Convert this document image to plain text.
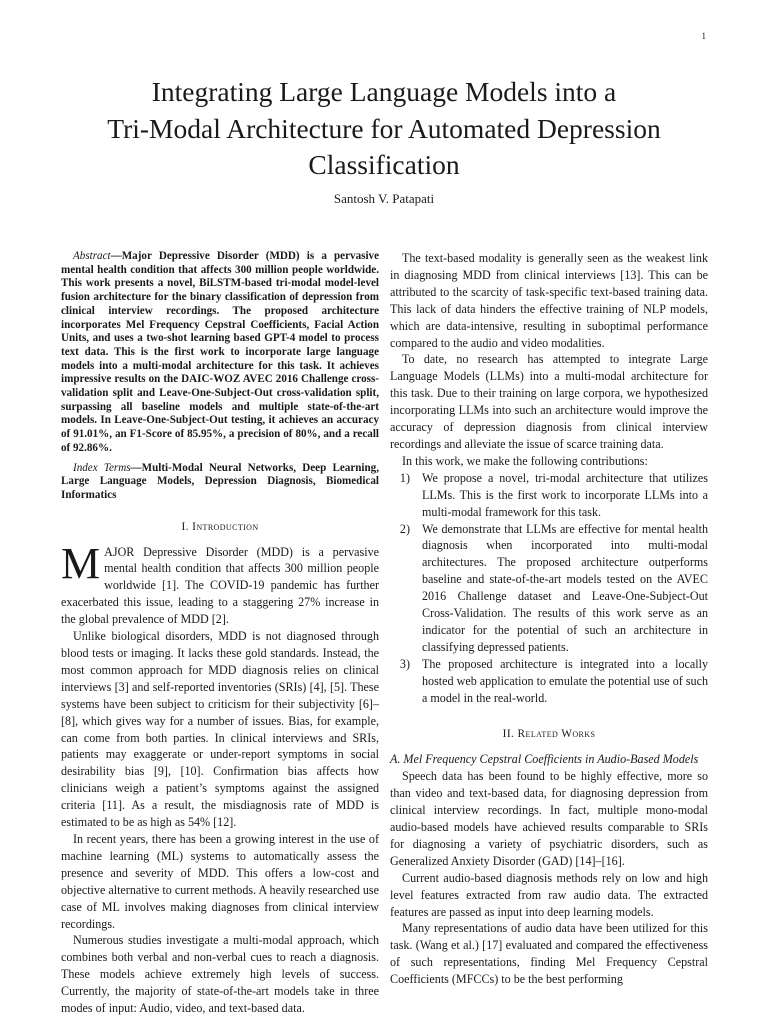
1
Integrating Large Language Models into a
Tri-Modal Architecture for Automated Depression
Classification
Santosh V. Patapati

Abstract—Major Depressive Disorder (MDD) is a pervasive mental health condition that affects 300 million people worldwide. This work presents a novel, BiLSTM-based tri-modal model-level fusion architecture for the binary classification of depression from clinical interview recordings. The proposed architecture incorporates Mel Frequency Cepstral Coefficients, Facial Action Units, and uses a two-shot learning based GPT-4 model to process text data. This is the first work to incorporate large language models into a multi-modal architecture for this task. It achieves impressive results on the DAIC-WOZ AVEC 2016 Challenge cross-validation split and Leave-One-Subject-Out cross-validation split, surpassing all baseline models and multiple state-of-the-art models. In Leave-One-Subject-Out testing, it achieves an accuracy of 91.01%, an F1-Score of 85.95%, a precision of 80%, and a recall of 92.86%.

Index Terms—Multi-Modal Neural Networks, Deep Learning, Large Language Models, Depression Diagnosis, Biomedical Informatics

I. Introduction

MAJOR Depressive Disorder (MDD) is a pervasive mental health condition that affects 300 million people worldwide [1]. The COVID-19 pandemic has further exacerbated this issue, leading to a staggering 27% increase in the global prevalence of MDD [2].

Unlike biological disorders, MDD is not diagnosed through blood tests or imaging. It lacks these gold standards. Instead, the most common approach for MDD diagnosis relies on clinical interviews [3] and self-reported inventories (SRIs) [4], [5]. These systems have been subject to criticism for their subjectivity [6]–[8], which gives way for a number of issues. Bias, for example, can come from both parties. In clinical interviews and SRIs, patients may exaggerate or under-report symptoms in social desirability bias [9], [10]. Confirmation bias affects how clinicians weigh a patient’s symptoms against the assigned criteria [11]. As a result, the misdiagnosis rate of MDD is estimated to be as high as 54% [12].

In recent years, there has been a growing interest in the use of machine learning (ML) systems to automatically assess the presence and severity of MDD. This offers a low-cost and objective alternative to current methods. A heavily researched use case of ML involves making diagnoses from clinical interview recordings.

Numerous studies investigate a multi-modal approach, which combines both verbal and non-verbal cues to reach a diagnosis. These models achieve extremely high levels of success. Currently, the majority of state-of-the-art models take in three modes of input: Audio, video, and text-based data.

The text-based modality is generally seen as the weakest link in diagnosing MDD from clinical interviews [13]. This can be attributed to the scarcity of task-specific text-based training data. This lack of data hinders the effective training of NLP models, which are data-intensive, resulting in suboptimal performance compared to the audio and video modalities.

To date, no research has attempted to integrate Large Language Models (LLMs) into a multi-modal architecture for this task. Due to their training on large corpora, we hypothesized incorporating LLMs into such an architecture would improve the accuracy of depression diagnosis from clinical interview recordings and alleviate the issue of scarce training data.

In this work, we make the following contributions:

1) We propose a novel, tri-modal architecture that utilizes LLMs. This is the first work to incorporate LLMs into a multi-modal framework for this task.
2) We demonstrate that LLMs are effective for mental health diagnosis when incorporated into multi-modal architectures. The proposed architecture outperforms baseline and state-of-the-art models tested on the AVEC 2016 Challenge dataset and Leave-One-Subject-Out Cross-Validation. The results of this work serve as an indicator for the potential of such an architecture in classifying depressed patients.
3) The proposed architecture is integrated into a locally hosted web application to emulate the potential use of such a model in the real-world.
II. Related Works

A. Mel Frequency Cepstral Coefficients in Audio-Based Models

Speech data has been found to be highly effective, more so than video and text-based data, for diagnosing depression from clinical interview recordings. In fact, multiple mono-modal audio-based models have achieved results comparable to SRIs for diagnosing a variety of psychiatric disorders, such as Generalized Anxiety Disorder (GAD) [14]–[16].

Current audio-based diagnosis methods rely on low and high level features extracted from raw audio data. The extracted features are passed as input into deep learning models.

Many representations of audio data have been utilized for this task. (Wang et al.) [17] evaluated and compared the effectiveness of such representations, finding Mel Frequency Cepstral Coefficients (MFCCs) to be the best performing
